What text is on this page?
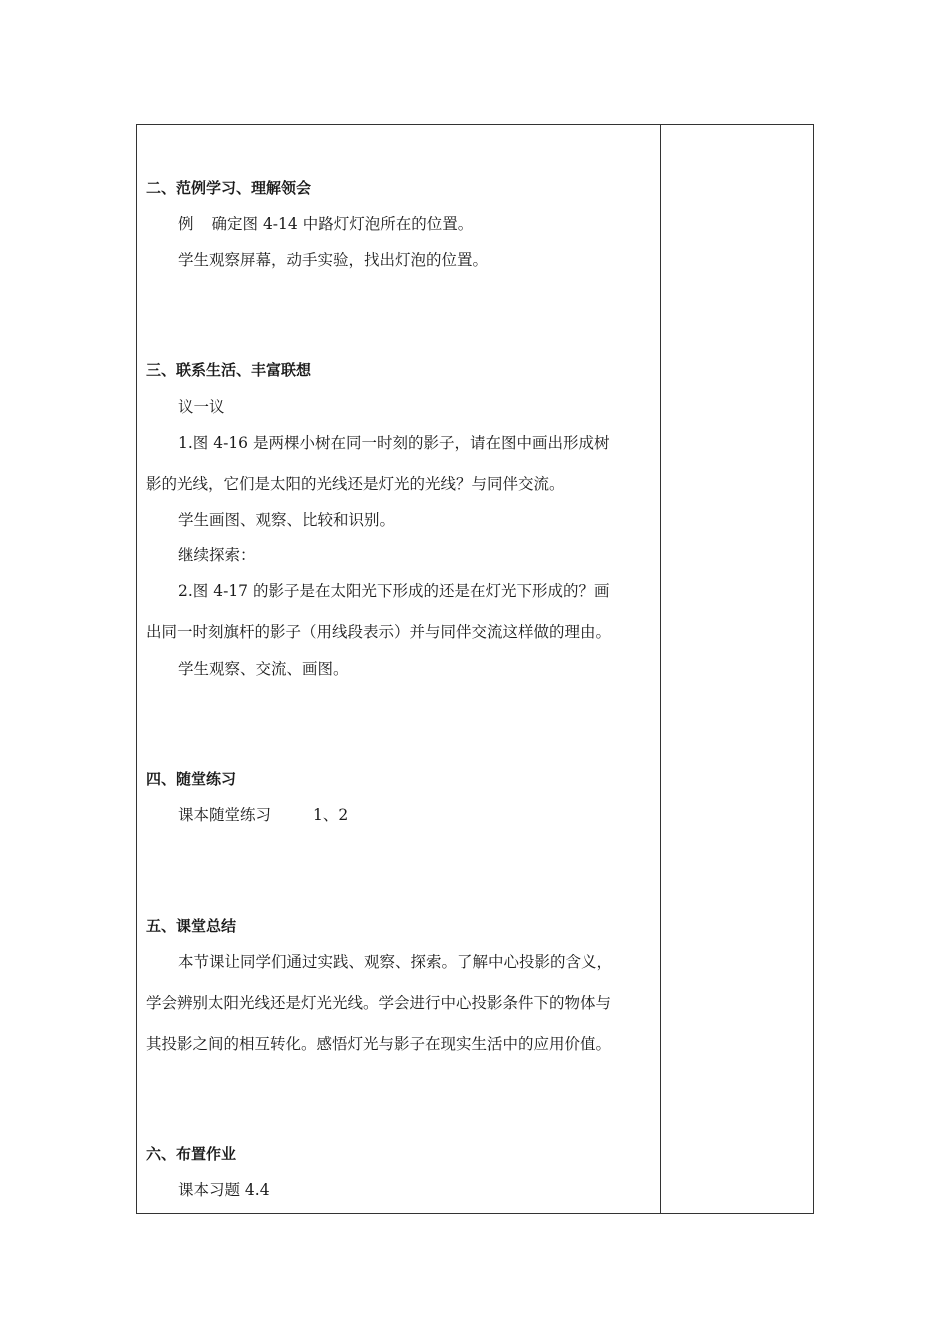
二、范例学习、理解领会
例 确定图 4-14 中路灯灯泡所在的位置。
学生观察屏幕，动手实验，找出灯泡的位置。
三、联系生活、丰富联想
议一议
1.图 4-16 是两棵小树在同一时刻的影子，请在图中画出形成树
影的光线，它们是太阳的光线还是灯光的光线？与同伴交流。
学生画图、观察、比较和识别。
继续探索：
2.图 4-17 的影子是在太阳光下形成的还是在灯光下形成的？画
出同一时刻旗杆的影子（用线段表示）并与同伴交流这样做的理由。
学生观察、交流、画图。
四、随堂练习
课本随堂练习	1、2
五、课堂总结
本节课让同学们通过实践、观察、探索。了解中心投影的含义，
学会辨别太阳光线还是灯光光线。学会进行中心投影条件下的物体与
其投影之间的相互转化。感悟灯光与影子在现实生活中的应用价值。
六、布置作业
课本习题 4.4
